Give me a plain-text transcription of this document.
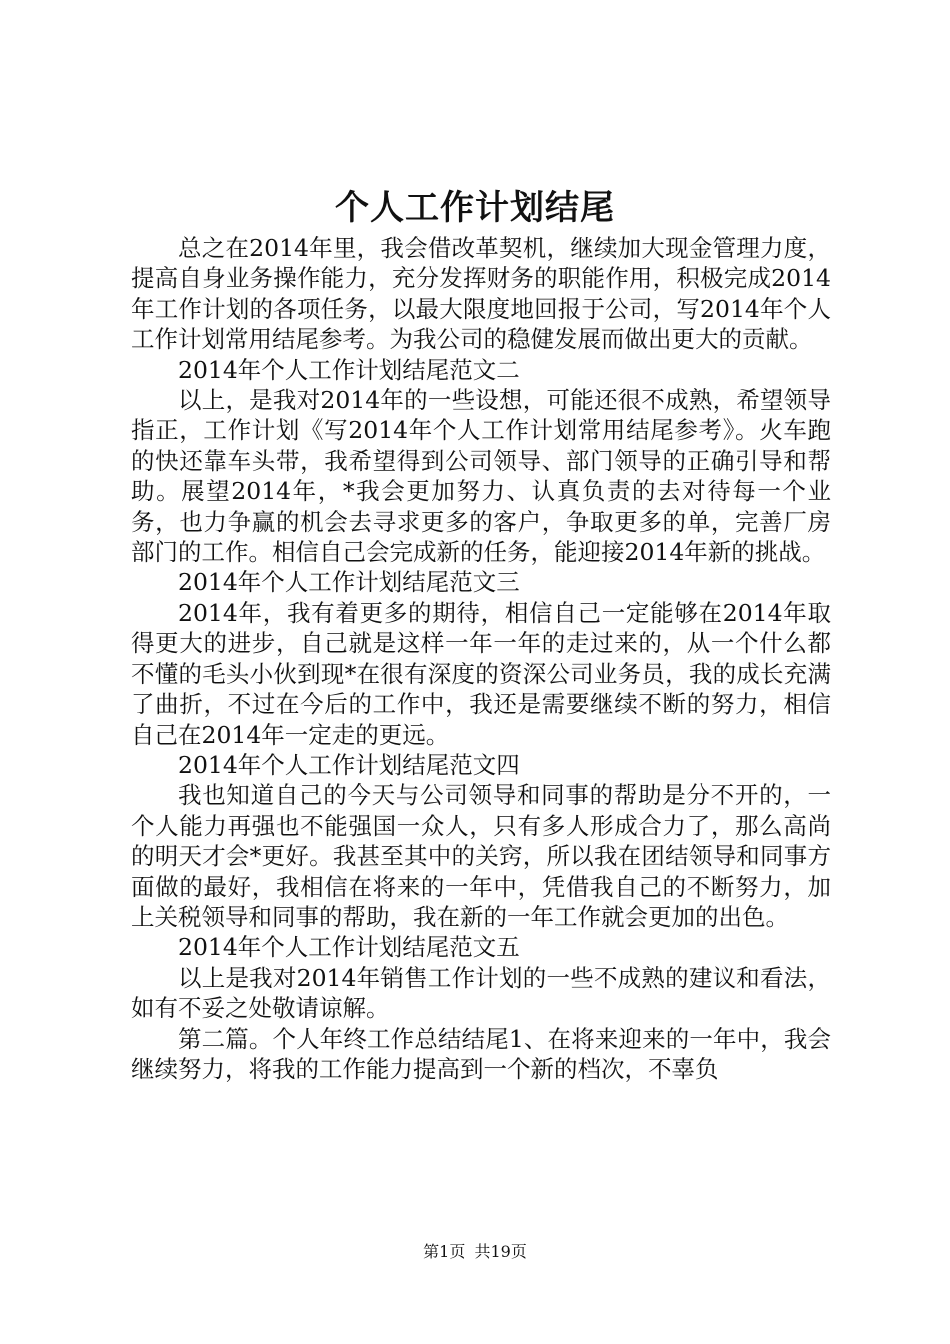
个人工作计划结尾

总之在2014年里，我会借改革契机，继续加大现金管理力度，提高自身业务操作能力，充分发挥财务的职能作用，积极完成2014年工作计划的各项任务，以最大限度地回报于公司，写2014年个人工作计划常用结尾参考。为我公司的稳健发展而做出更大的贡献。

2014年个人工作计划结尾范文二

以上，是我对2014年的一些设想，可能还很不成熟，希望领导指正，工作计划《写2014年个人工作计划常用结尾参考》。火车跑的快还靠车头带，我希望得到公司领导、部门领导的正确引导和帮助。展望2014年，*我会更加努力、认真负责的去对待每一个业务，也力争赢的机会去寻求更多的客户，争取更多的单，完善厂房部门的工作。相信自己会完成新的任务，能迎接2014年新的挑战。

2014年个人工作计划结尾范文三

2014年，我有着更多的期待，相信自己一定能够在2014年取得更大的进步，自己就是这样一年一年的走过来的，从一个什么都不懂的毛头小伙到现*在很有深度的资深公司业务员，我的成长充满了曲折，不过在今后的工作中，我还是需要继续不断的努力，相信自己在2014年一定走的更远。

2014年个人工作计划结尾范文四

我也知道自己的今天与公司领导和同事的帮助是分不开的，一个人能力再强也不能强国一众人，只有多人形成合力了，那么高尚的明天才会*更好。我甚至其中的关窍，所以我在团结领导和同事方面做的最好，我相信在将来的一年中，凭借我自己的不断努力，加上关税领导和同事的帮助，我在新的一年工作就会更加的出色。

2014年个人工作计划结尾范文五

以上是我对2014年销售工作计划的一些不成熟的建议和看法，如有不妥之处敬请谅解。

第二篇。个人年终工作总结结尾1、在将来迎来的一年中，我会继续努力，将我的工作能力提高到一个新的档次，不辜负

第1页 共19页
